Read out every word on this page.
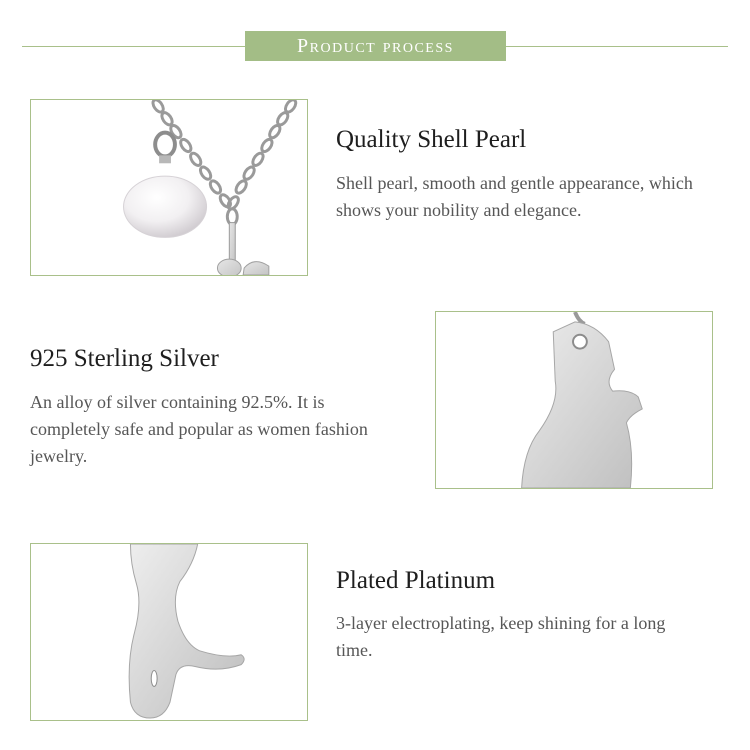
Product process
Quality Shell Pearl
Shell pearl, smooth and gentle appearance, which shows your nobility and elegance.
925 Sterling Silver
An alloy of silver containing 92.5%. It is completely safe and popular as women fashion jewelry.
Plated Platinum
3-layer electroplating, keep shining for a long time.
